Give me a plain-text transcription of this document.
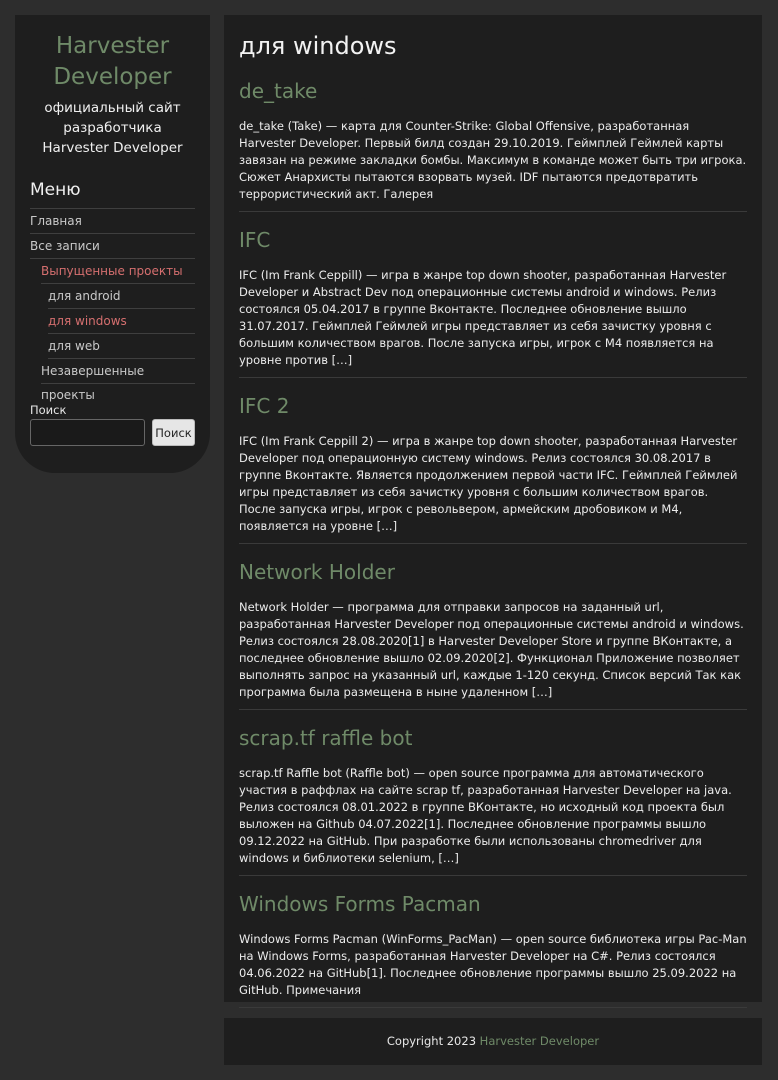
Harvester Developer
официальный сайт разработчика Harvester Developer
Меню
Главная
Все записи
Выпущенные проекты
для android
для windows
для web
Незавершенные проекты
Поиск
Поиск
для windows
de_take

de_take (Take) — карта для Counter-Strike: Global Offensive, разработанная Harvester Developer. Первый билд создан 29.10.2019. Геймплей Геймлей карты завязан на режиме закладки бомбы. Максимум в команде может быть три игрока. Сюжет Анархисты пытаются взорвать музей. IDF пытаются предотвратить террористический акт. Галерея

IFC

IFC (Im Frank Ceppill) — игра в жанре top down shooter, разработанная Harvester Developer и Abstract Dev под операционные системы android и windows. Релиз состоялся 05.04.2017 в группе Вконтакте. Последнее обновление вышло 31.07.2017. Геймплей Геймлей игры представляет из себя зачистку уровня с большим количеством врагов. После запуска игры, игрок с M4 появляется на уровне против […]

IFC 2

IFC (Im Frank Ceppill 2) — игра в жанре top down shooter, разработанная Harvester Developer под операционную систему windows. Релиз состоялся 30.08.2017 в группе Вконтакте. Является продолжением первой части IFC. Геймплей Геймлей игры представляет из себя зачистку уровня с большим количеством врагов. После запуска игры, игрок с револьвером, армейским дробовиком и M4, появляется на уровне […]

Network Holder

Network Holder — программа для отправки запросов на заданный url, разработанная Harvester Developer под операционные системы android и windows. Релиз состоялся 28.08.2020[1] в Harvester Developer Store и группе ВКонтакте, а последнее обновление вышло 02.09.2020[2]. Функционал Приложение позволяет выполнять запрос на указанный url, каждые 1-120 секунд. Список версий Так как программа была размещена в ныне удаленном […]

scrap.tf raffle bot

scrap.tf Raffle bot (Raffle bot) — open source программа для автоматического участия в раффлах на сайте scrap tf, разработанная Harvester Developer на java. Релиз состоялся 08.01.2022 в группе ВКонтакте, но исходный код проекта был выложен на Github 04.07.2022[1]. Последнее обновление программы вышло 09.12.2022 на GitHub. При разработке были использованы chromedriver для windows и библиотеки selenium, […]

Windows Forms Pacman

Windows Forms Pacman (WinForms_PacMan) — open source библиотека игры Pac-Man на Windows Forms, разработанная Harvester Developer на C#. Релиз состоялся 04.06.2022 на GitHub[1]. Последнее обновление программы вышло 25.09.2022 на GitHub. Примечания

Copyright 2023 Harvester Developer
